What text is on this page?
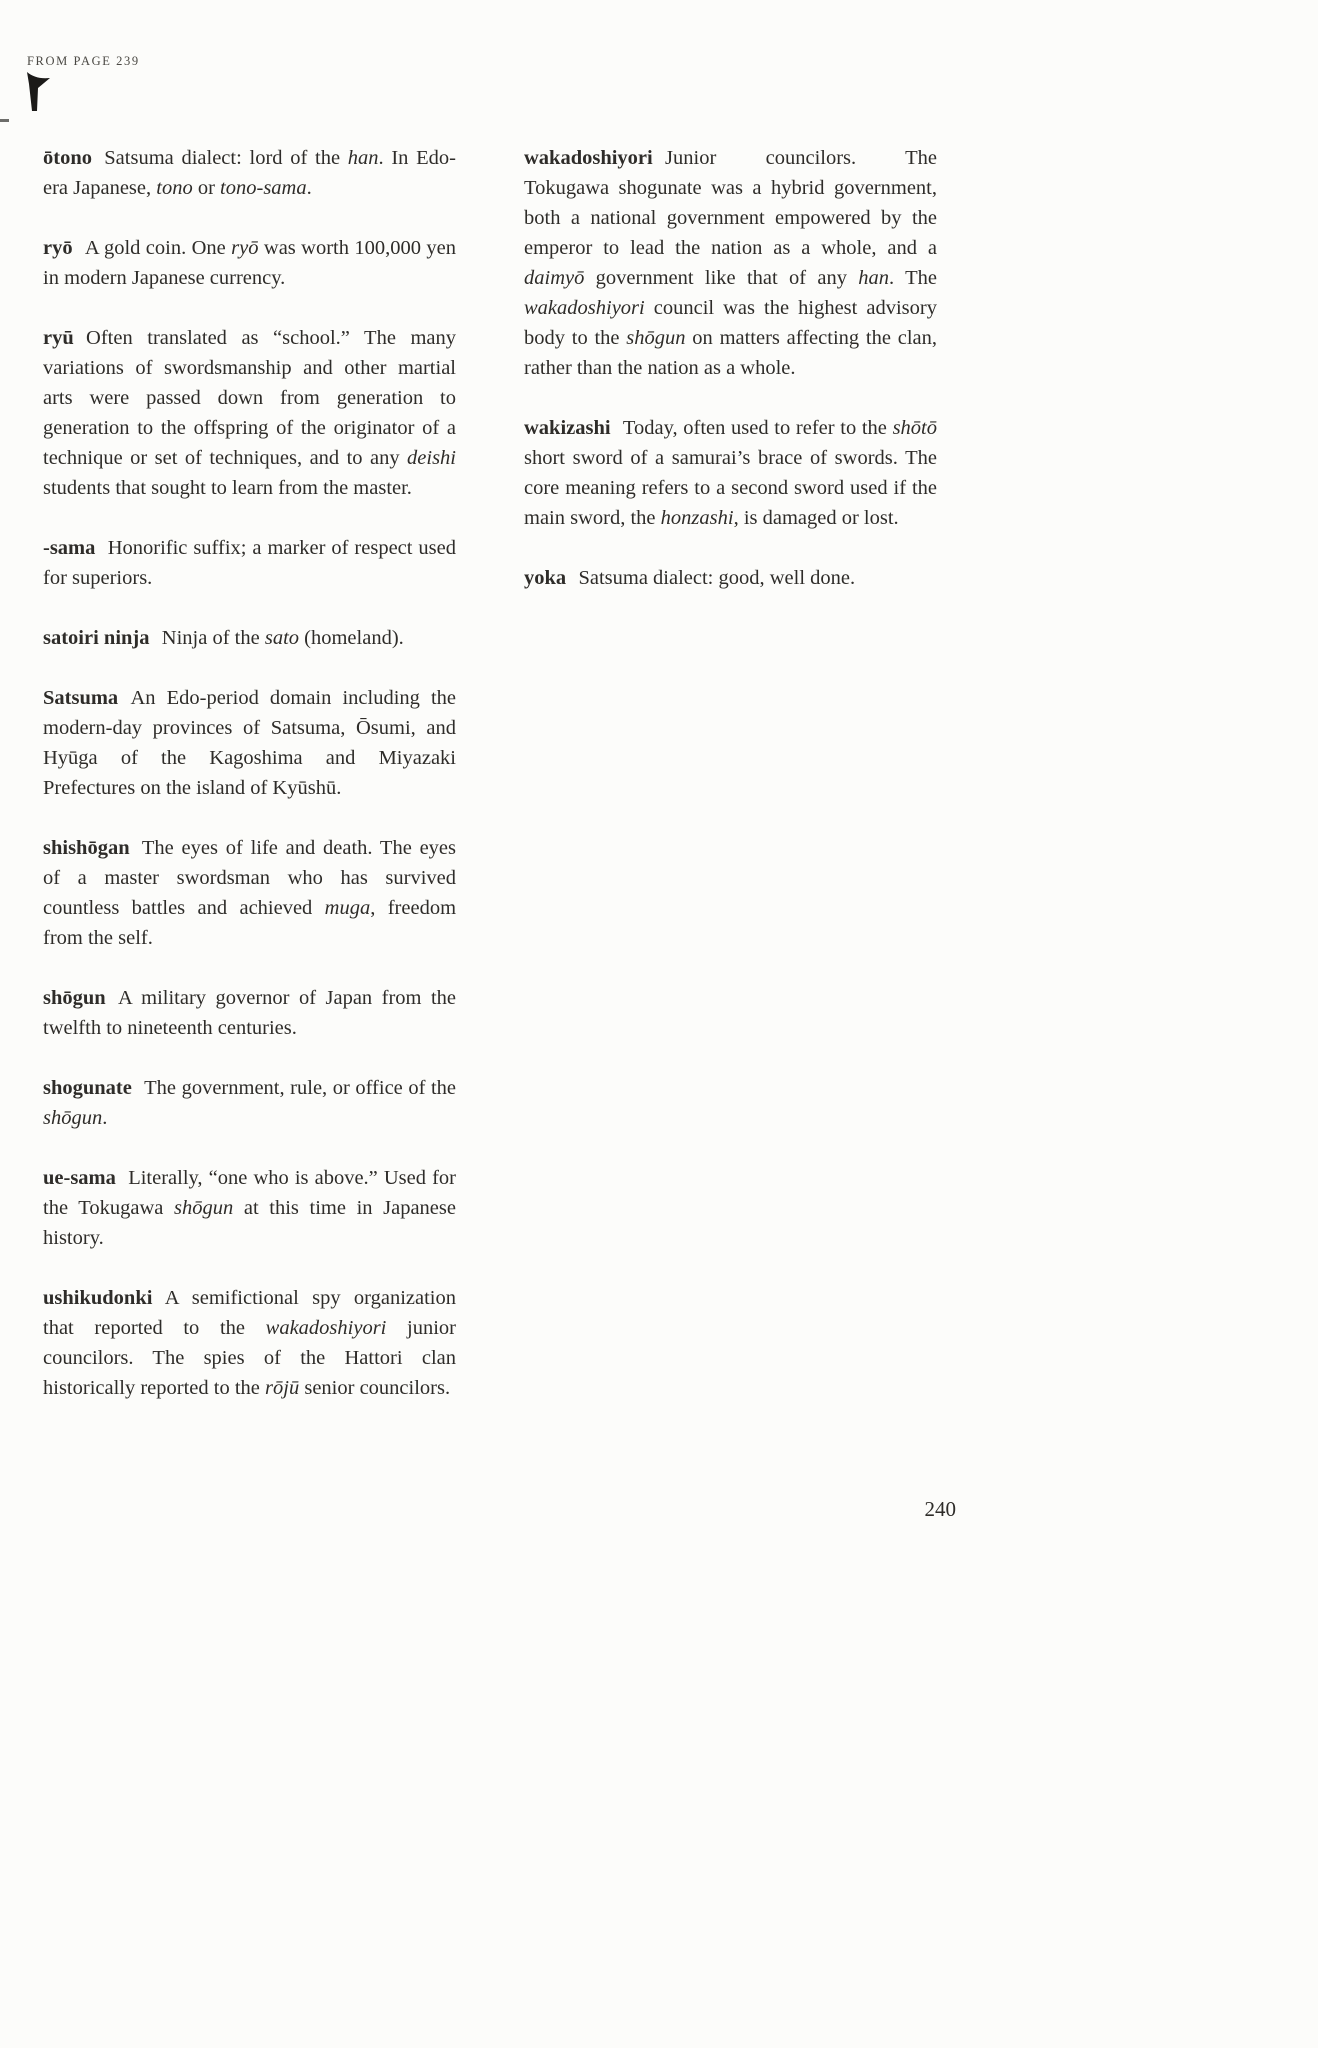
FROM PAGE 239
ōtono Satsuma dialect: lord of the han. In Edo-era Japanese, tono or tono-sama.
ryō A gold coin. One ryō was worth 100,000 yen in modern Japanese currency.
ryū Often translated as “school.” The many variations of swordsmanship and other martial arts were passed down from generation to generation to the offspring of the originator of a technique or set of techniques, and to any deishi students that sought to learn from the master.
-sama Honorific suffix; a marker of respect used for superiors.
satoiri ninja Ninja of the sato (homeland).
Satsuma An Edo-period domain including the modern-day provinces of Satsuma, Ōsumi, and Hyūga of the Kagoshima and Miyazaki Prefectures on the island of Kyūshū.
shishōgan The eyes of life and death. The eyes of a master swordsman who has survived countless battles and achieved muga, freedom from the self.
shōgun A military governor of Japan from the twelfth to nineteenth centuries.
shogunate The government, rule, or office of the shōgun.
ue-sama Literally, “one who is above.” Used for the Tokugawa shōgun at this time in Japanese history.
ushikudonki A semifictional spy organization that reported to the wakadoshiyori junior councilors. The spies of the Hattori clan historically reported to the rōjū senior councilors.
wakadoshiyori Junior councilors. The Tokugawa shogunate was a hybrid government, both a national government empowered by the emperor to lead the nation as a whole, and a daimyō government like that of any han. The wakadoshiyori council was the highest advisory body to the shōgun on matters affecting the clan, rather than the nation as a whole.
wakizashi Today, often used to refer to the shōtō short sword of a samurai’s brace of swords. The core meaning refers to a second sword used if the main sword, the honzashi, is damaged or lost.
yoka Satsuma dialect: good, well done.
240
